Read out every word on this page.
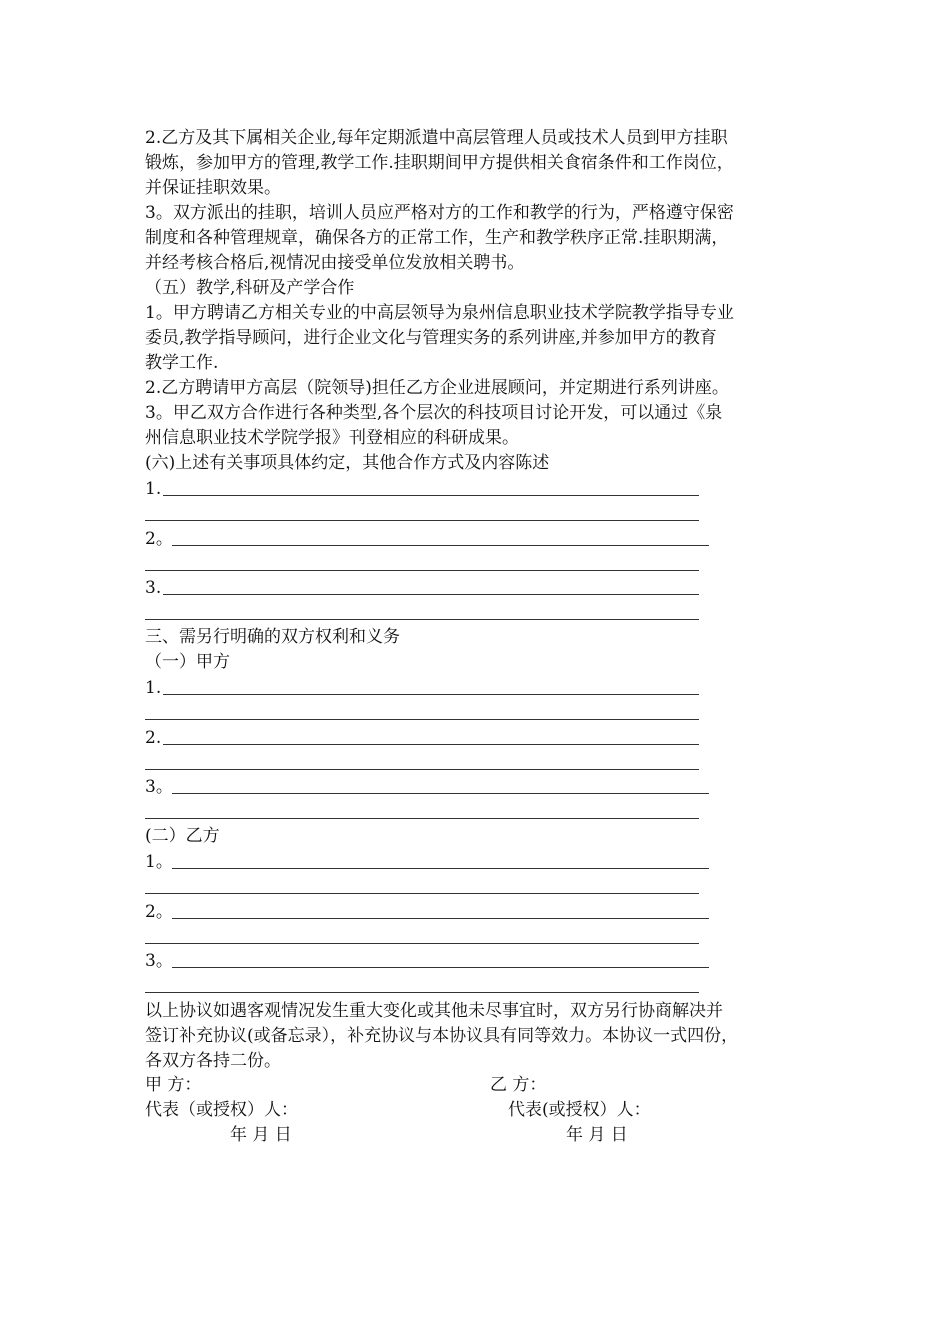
2.乙方及其下属相关企业,每年定期派遣中高层管理人员或技术人员到甲方挂职
锻炼，参加甲方的管理,教学工作.挂职期间甲方提供相关食宿条件和工作岗位，
并保证挂职效果。
3。双方派出的挂职，培训人员应严格对方的工作和教学的行为，严格遵守保密
制度和各种管理规章，确保各方的正常工作，生产和教学秩序正常.挂职期满，
并经考核合格后,视情况由接受单位发放相关聘书。
（五）教学,科研及产学合作
1。甲方聘请乙方相关专业的中高层领导为泉州信息职业技术学院教学指导专业
委员,教学指导顾问，进行企业文化与管理实务的系列讲座,并参加甲方的教育
教学工作.
2.乙方聘请甲方高层（院领导)担任乙方企业进展顾问，并定期进行系列讲座。
3。甲乙双方合作进行各种类型,各个层次的科技项目讨论开发，可以通过《泉
州信息职业技术学院学报》刊登相应的科研成果。
(六)上述有关事项具体约定，其他合作方式及内容陈述
1.
2。
3.
三、需另行明确的双方权利和义务
（一）甲方
1.
2.
3。
(二）乙方
1。
2。
3。
以上协议如遇客观情况发生重大变化或其他未尽事宜时，双方另行协商解决并
签订补充协议(或备忘录），补充协议与本协议具有同等效力。本协议一式四份，
各双方各持二份。
甲 方：	乙 方：
代表（或授权）人：	代表(或授权）人：
年 月 日	年 月 日
